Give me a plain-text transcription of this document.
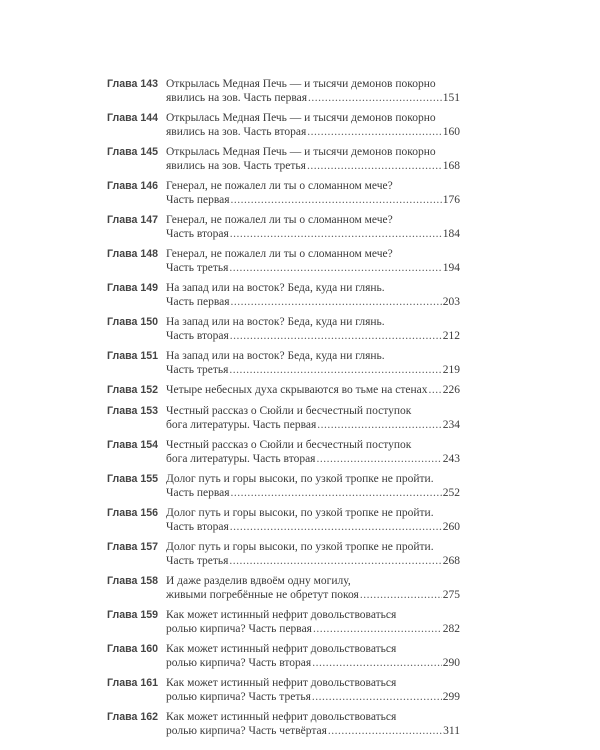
Глава 143 Открылась Медная Печь — и тысячи демонов покорно
явились на зов. Часть первая .....	151
Глава 144 Открылась Медная Печь — и тысячи демонов покорно
явились на зов. Часть вторая .....	160
Глава 145 Открылась Медная Печь — и тысячи демонов покорно
явились на зов. Часть третья .....	168
Глава 146 Генерал, не пожалел ли ты о сломанном мече?
Часть первая .....	176
Глава 147 Генерал, не пожалел ли ты о сломанном мече?
Часть вторая .....	184
Глава 148 Генерал, не пожалел ли ты о сломанном мече?
Часть третья .....	194
Глава 149 На запад или на восток? Беда, куда ни глянь.
Часть первая .....	203
Глава 150 На запад или на восток? Беда, куда ни глянь.
Часть вторая .....	212
Глава 151 На запад или на восток? Беда, куда ни глянь.
Часть третья .....	219
Глава 152 Четыре небесных духа скрываются во тьме на стенах ..... 226
Глава 153 Честный рассказ о Сюйли и бесчестный поступок
бога литературы. Часть первая .....	234
Глава 154 Честный рассказ о Сюйли и бесчестный поступок
бога литературы. Часть вторая .....	243
Глава 155 Долог путь и горы высоки, по узкой тропке не пройти.
Часть первая .....	252
Глава 156 Долог путь и горы высоки, по узкой тропке не пройти.
Часть вторая .....	260
Глава 157 Долог путь и горы высоки, по узкой тропке не пройти.
Часть третья .....	268
Глава 158 И даже разделив вдвоём одну могилу,
живыми погребённые не обретут покоя .....	275
Глава 159 Как может истинный нефрит довольствоваться
ролью кирпича? Часть первая .....	282
Глава 160 Как может истинный нефрит довольствоваться
ролью кирпича? Часть вторая .....	290
Глава 161 Как может истинный нефрит довольствоваться
ролью кирпича? Часть третья .....	299
Глава 162 Как может истинный нефрит довольствоваться
ролью кирпича? Часть четвёртая .....	311
